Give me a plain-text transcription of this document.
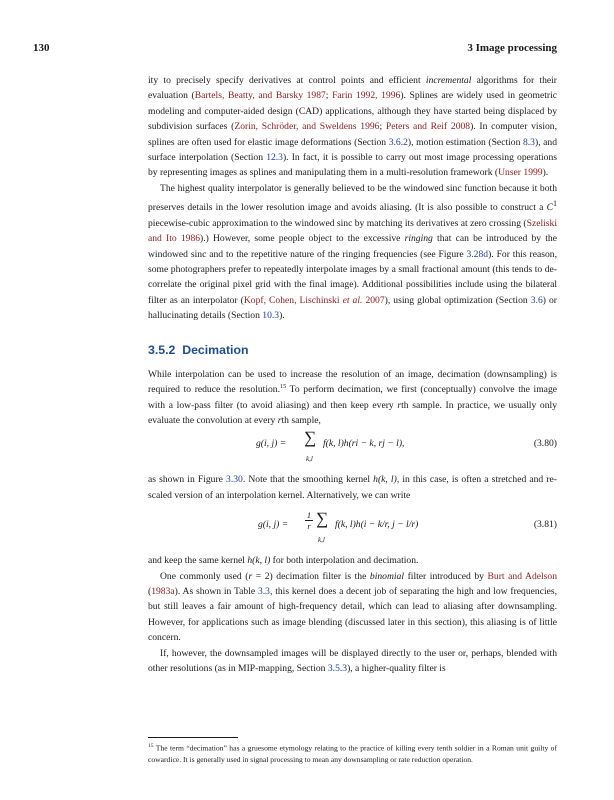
130	3 Image processing

ity to precisely specify derivatives at control points and efficient incremental algorithms for their evaluation (Bartels, Beatty, and Barsky 1987; Farin 1992, 1996). Splines are widely used in geometric modeling and computer-aided design (CAD) applications, although they have started being displaced by subdivision surfaces (Zorin, Schröder, and Sweldens 1996; Peters and Reif 2008). In computer vision, splines are often used for elastic image deformations (Section 3.6.2), motion estimation (Section 8.3), and surface interpolation (Section 12.3). In fact, it is possible to carry out most image processing operations by representing images as splines and manipulating them in a multi-resolution framework (Unser 1999).

The highest quality interpolator is generally believed to be the windowed sinc function because it both preserves details in the lower resolution image and avoids aliasing. (It is also possible to construct a $C^1$ piecewise-cubic approximation to the windowed sinc by matching its derivatives at zero crossing (Szeliski and Ito 1986).) However, some people object to the excessive ringing that can be introduced by the windowed sinc and to the repetitive nature of the ringing frequencies (see Figure 3.28d). For this reason, some photographers prefer to repeatedly interpolate images by a small fractional amount (this tends to de-correlate the original pixel grid with the final image). Additional possibilities include using the bilateral filter as an interpolator (Kopf, Cohen, Lischinski et al. 2007), using global optimization (Section 3.6) or hallucinating details (Section 10.3).

3.5.2 Decimation

While interpolation can be used to increase the resolution of an image, decimation (downsampling) is required to reduce the resolution.$^{15}$ To perform decimation, we first (conceptually) convolve the image with a low-pass filter (to avoid aliasing) and then keep every rth sample. In practice, we usually only evaluate the convolution at every rth sample,

g(i, j) = ∑
k,l
f(k, l)h(ri − k, rj − l),	(3.80)

as shown in Figure 3.30. Note that the smoothing kernel h(k, l), in this case, is often a stretched and re-scaled version of an interpolation kernel. Alternatively, we can write

g(i, $j) = \frac{1}{r}$ ∑
k,l
f(k, l)h(i − k/r, j − l/r)	(3.81)

and keep the same kernel h(k, l) for both interpolation and decimation.

One commonly used (r = 2) decimation filter is the binomial filter introduced by Burt and Adelson (1983a). As shown in Table 3.3, this kernel does a decent job of separating the high and low frequencies, but still leaves a fair amount of high-frequency detail, which can lead to aliasing after downsampling. However, for applications such as image blending (discussed later in this section), this aliasing is of little concern.

If, however, the downsampled images will be displayed directly to the user or, perhaps, blended with other resolutions (as in MIP-mapping, Section 3.5.3), a higher-quality filter is

$^{15}$ The term “decimation” has a gruesome etymology relating to the practice of killing every tenth soldier in a Roman unit guilty of cowardice. It is generally used in signal processing to mean any downsampling or rate reduction operation.
